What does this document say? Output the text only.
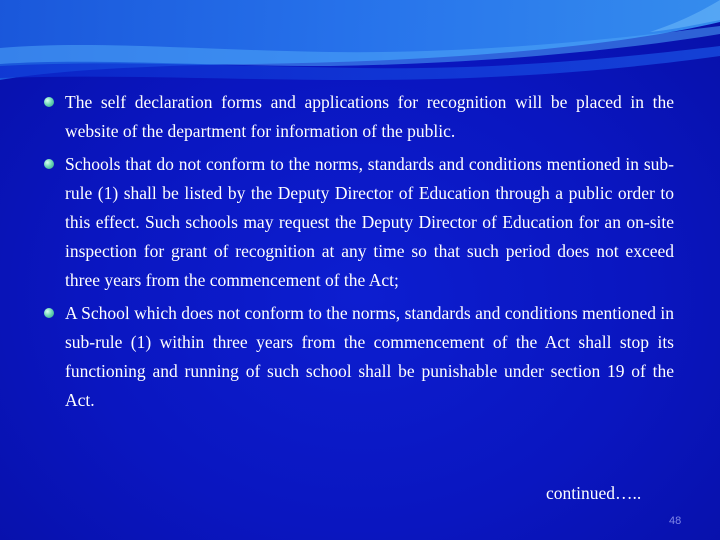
The self declaration forms and applications for recognition will be placed in the website of the department for information of the public.
Schools that do not conform to the norms, standards and conditions mentioned in sub-rule (1) shall be listed by the Deputy Director of Education through a public order to this effect. Such schools may request the Deputy Director of Education for an on-site inspection for grant of recognition at any time so that such period does not exceed three years from the commencement of the Act;
A School which does not conform to the norms, standards and conditions mentioned in sub-rule (1) within three years from the commencement of the Act shall stop its functioning and running of such school shall be punishable under section 19 of the Act.
continued…..
48
